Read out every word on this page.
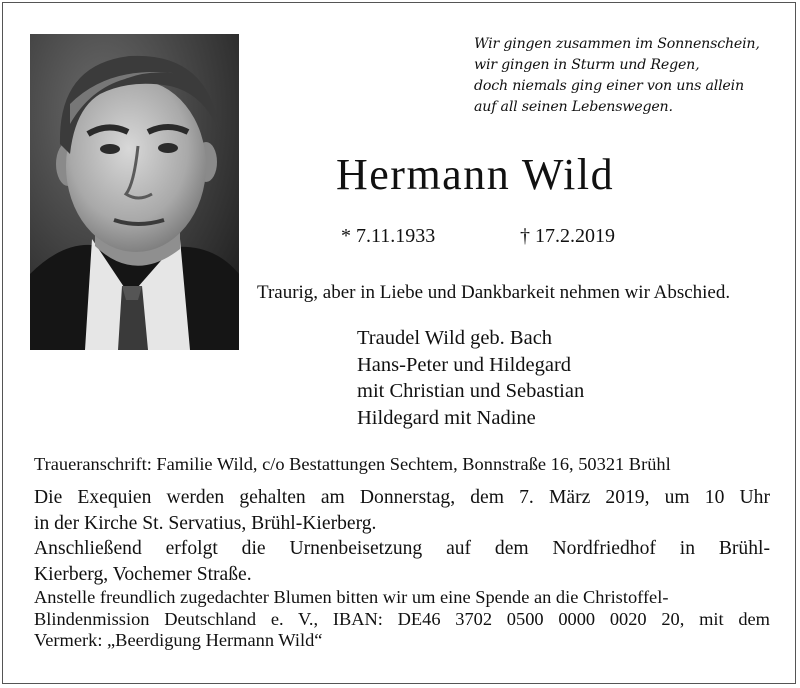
Wir gingen zusammen im Sonnenschein,
wir gingen in Sturm und Regen,
doch niemals ging einer von uns allein
auf all seinen Lebenswegen.
Hermann Wild
* 7.11.1933	† 17.2.2019
Traurig, aber in Liebe und Dankbarkeit nehmen wir Abschied.
Traudel Wild geb. Bach
Hans-Peter und Hildegard
mit Christian und Sebastian
Hildegard mit Nadine
Traueranschrift: Familie Wild, c/o Bestattungen Sechtem, Bonnstraße 16, 50321 Brühl
Die Exequien werden gehalten am Donnerstag, dem 7. März 2019, um 10 Uhr
in der Kirche St. Servatius, Brühl-Kierberg.
Anschließend erfolgt die Urnenbeisetzung auf dem Nordfriedhof in Brühl-
Kierberg, Vochemer Straße.
Anstelle freundlich zugedachter Blumen bitten wir um eine Spende an die Christoffel-
Blindenmission Deutschland e. V., IBAN: DE46 3702 0500 0000 0020 20, mit dem
Vermerk: „Beerdigung Hermann Wild“
